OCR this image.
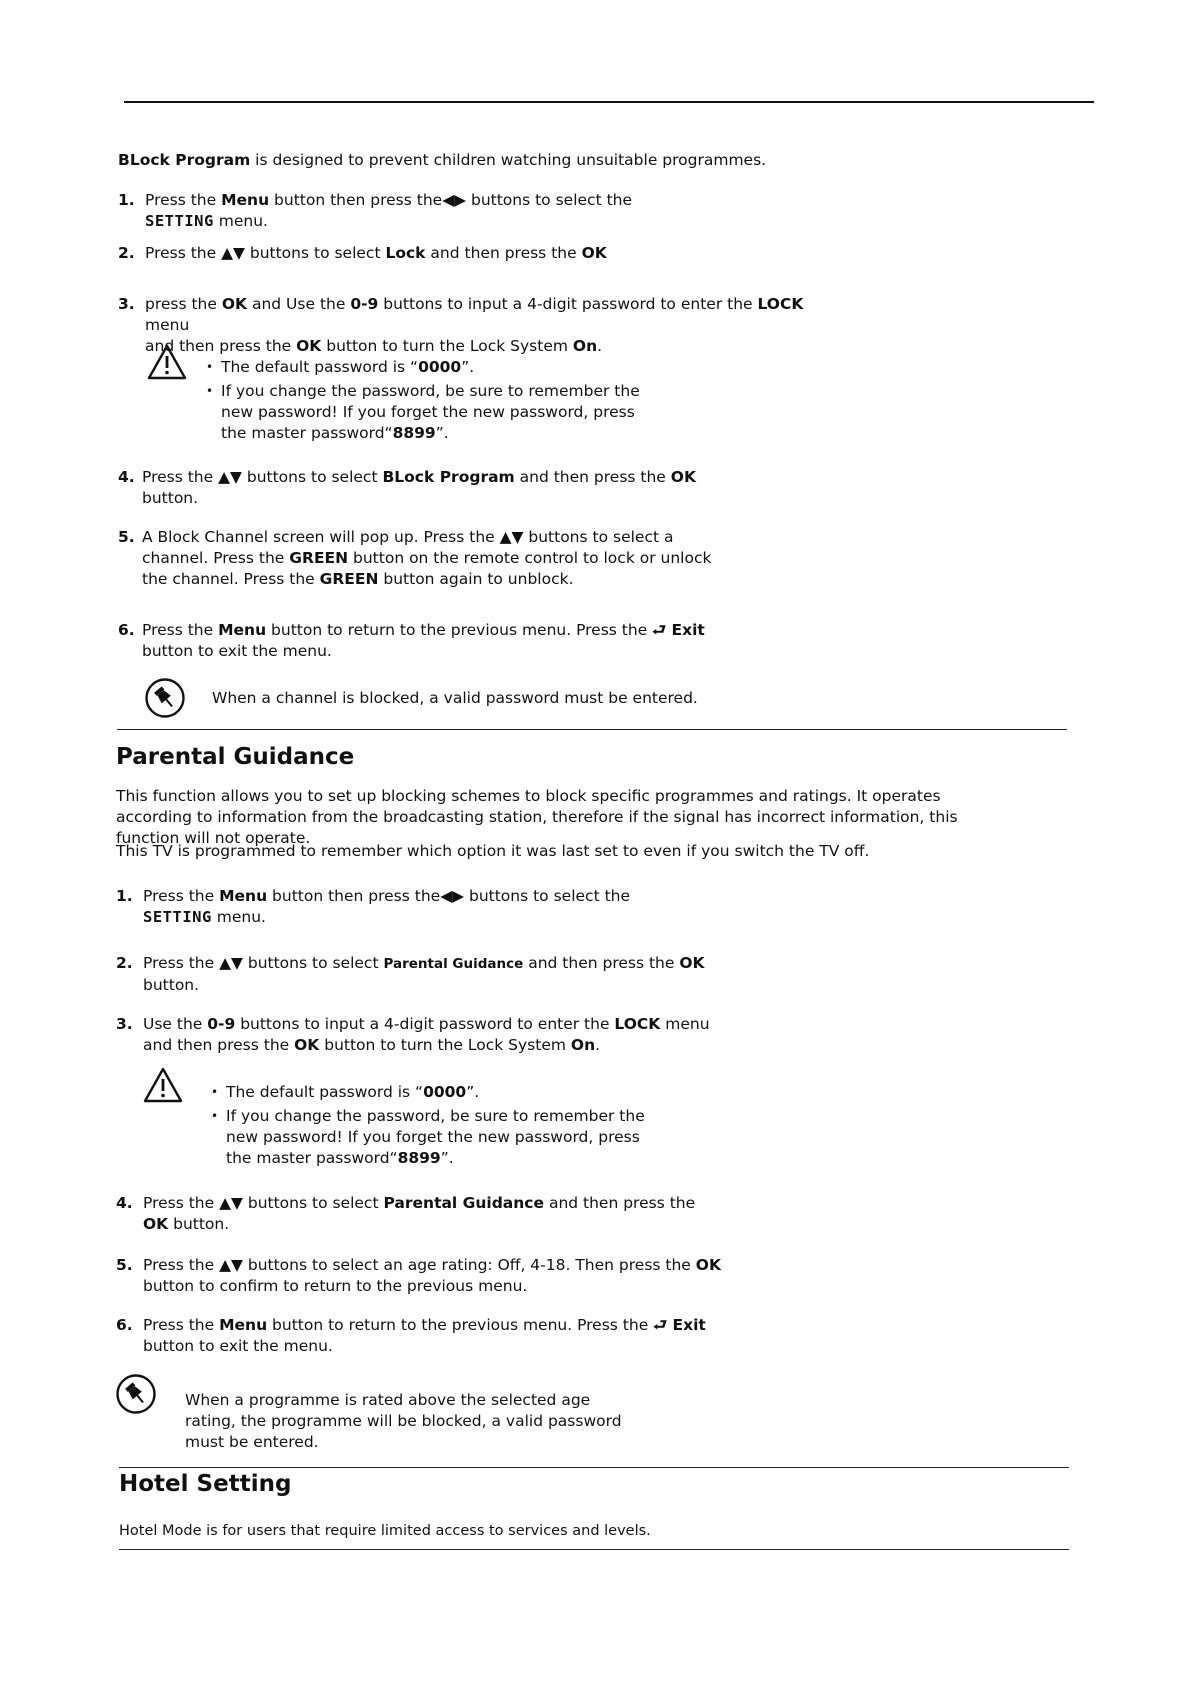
BLock Program is designed to prevent children watching unsuitable programmes.
1. Press the Menu button then press the◀▶ buttons to select the
SETTING menu.
2. Press the ▲▼ buttons to select Lock and then press the OK
3. press the OK and Use the 0-9 buttons to input a 4-digit password to enter the LOCK menu
and then press the OK button to turn the Lock System On.
• The default password is “0000”.
• If you change the password, be sure to remember the new password! If you forget the new password, press the master password“8899”.
4. Press the ▲▼ buttons to select BLock Program and then press the OK
button.
5. A Block Channel screen will pop up. Press the ▲▼ buttons to select a
channel. Press the GREEN button on the remote control to lock or unlock
the channel. Press the GREEN button again to unblock.
6. Press the Menu button to return to the previous menu. Press the ⮐ Exit
button to exit the menu.
When a channel is blocked, a valid password must be entered.
Parental Guidance
This function allows you to set up blocking schemes to block specific programmes and ratings. It operates according to information from the broadcasting station, therefore if the signal has incorrect information, this function will not operate.
This TV is programmed to remember which option it was last set to even if you switch the TV off.
1. Press the Menu button then press the◀▶ buttons to select the
SETTING menu.
2. Press the ▲▼ buttons to select Parental Guidance and then press the OK
button.
3. Use the 0-9 buttons to input a 4-digit password to enter the LOCK menu
and then press the OK button to turn the Lock System On.
• The default password is “0000”.
• If you change the password, be sure to remember the new password! If you forget the new password, press the master password“8899”.
4. Press the ▲▼ buttons to select Parental Guidance and then press the
OK button.
5. Press the ▲▼ buttons to select an age rating: Off, 4-18. Then press the OK
button to confirm to return to the previous menu.
6. Press the Menu button to return to the previous menu. Press the ⮐ Exit
button to exit the menu.
When a programme is rated above the selected age rating, the programme will be blocked, a valid password must be entered.
Hotel Setting
Hotel Mode is for users that require limited access to services and levels.
